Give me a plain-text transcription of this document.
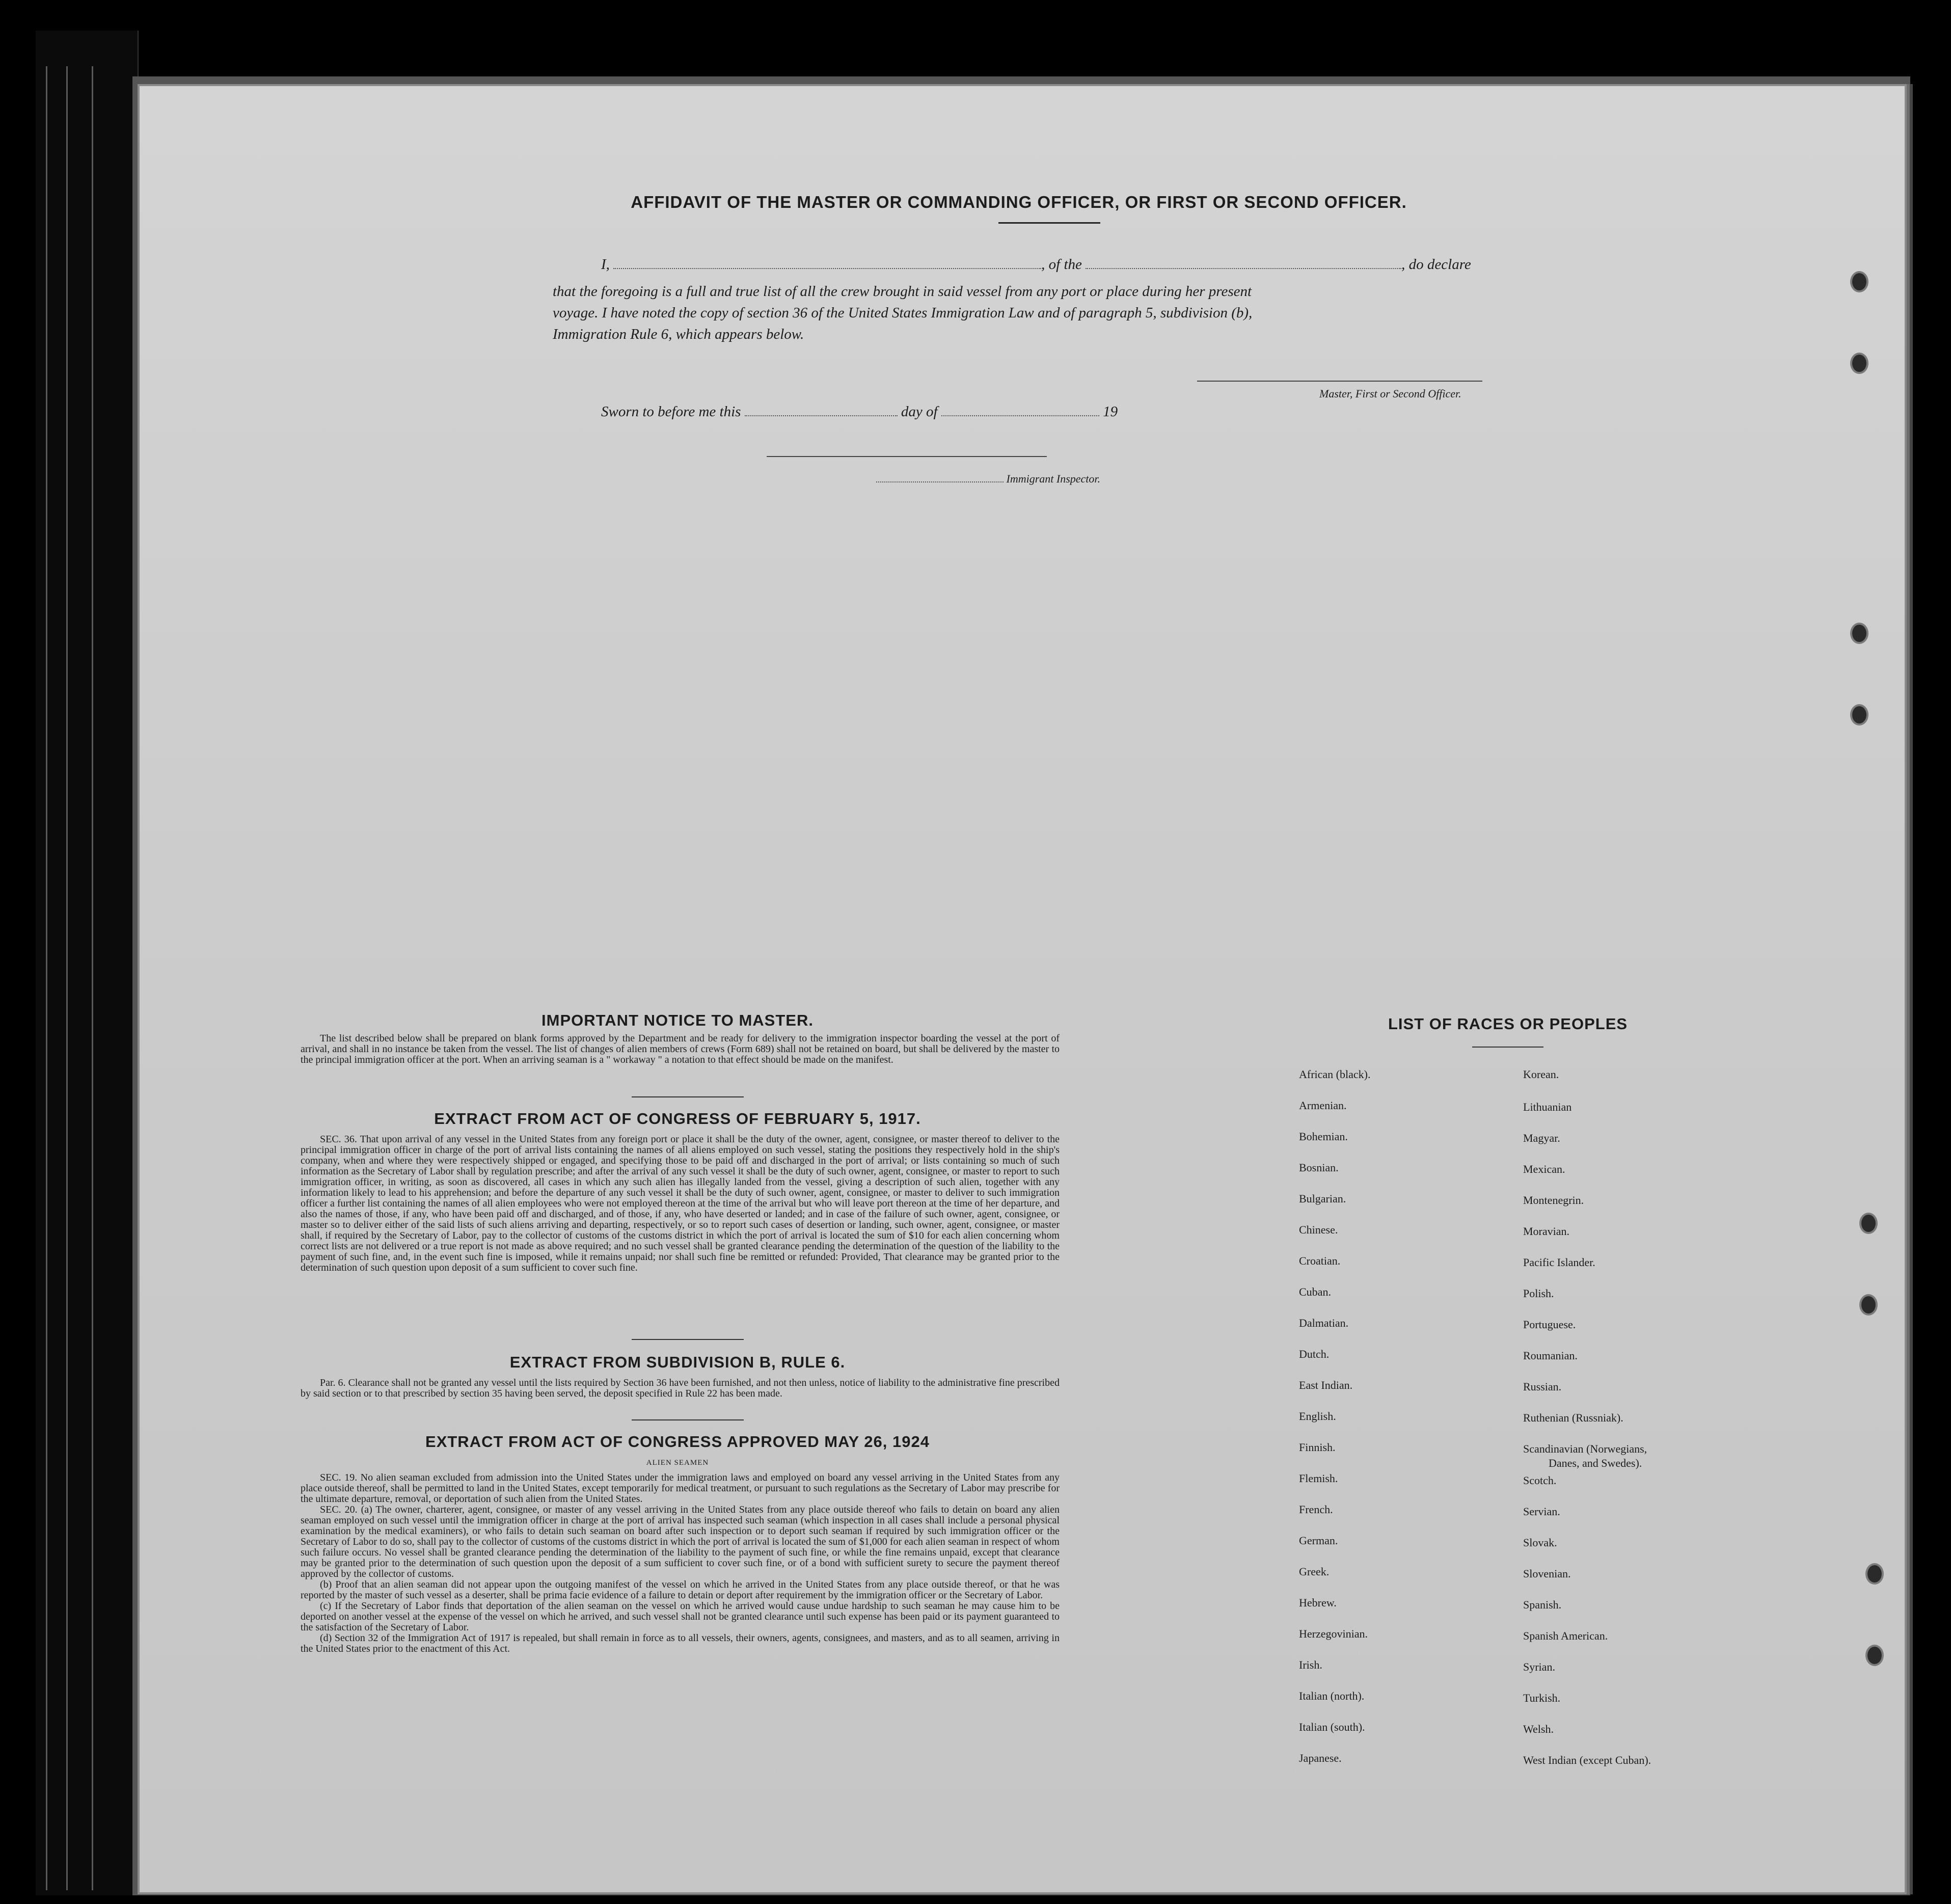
AFFIDAVIT OF THE MASTER OR COMMANDING OFFICER, OR FIRST OR SECOND OFFICER.
I,	, of the	, do declare
that the foregoing is a full and true list of all the crew brought in said vessel from any port or place during her present
voyage. I have noted the copy of section 36 of the United States Immigration Law and of paragraph 5, subdivision (b),
Immigration Rule 6, which appears below.
Master, First or Second Officer.
Sworn to before me this	day of	19
Immigrant Inspector.
IMPORTANT NOTICE TO MASTER.

The list described below shall be prepared on blank forms approved by the Department and be ready for delivery to the immigration inspector boarding the vessel at the port of arrival, and shall in no instance be taken from the vessel. The list of changes of alien members of crews (Form 689) shall not be retained on board, but shall be delivered by the master to the principal immigration officer at the port. When an arriving seaman is a " workaway " a notation to that effect should be made on the manifest.

EXTRACT FROM ACT OF CONGRESS OF FEBRUARY 5, 1917.

SEC. 36. That upon arrival of any vessel in the United States from any foreign port or place it shall be the duty of the owner, agent, consignee, or master thereof to deliver to the principal immigration officer in charge of the port of arrival lists containing the names of all aliens employed on such vessel, stating the positions they respectively hold in the ship's company, when and where they were respectively shipped or engaged, and specifying those to be paid off and discharged in the port of arrival; or lists containing so much of such information as the Secretary of Labor shall by regulation prescribe; and after the arrival of any such vessel it shall be the duty of such owner, agent, consignee, or master to report to such immigration officer, in writing, as soon as discovered, all cases in which any such alien has illegally landed from the vessel, giving a description of such alien, together with any information likely to lead to his apprehension; and before the departure of any such vessel it shall be the duty of such owner, agent, consignee, or master to deliver to such immigration officer a further list containing the names of all alien employees who were not employed thereon at the time of the arrival but who will leave port thereon at the time of her departure, and also the names of those, if any, who have been paid off and discharged, and of those, if any, who have deserted or landed; and in case of the failure of such owner, agent, consignee, or master so to deliver either of the said lists of such aliens arriving and departing, respectively, or so to report such cases of desertion or landing, such owner, agent, consignee, or master shall, if required by the Secretary of Labor, pay to the collector of customs of the customs district in which the port of arrival is located the sum of $10 for each alien concerning whom correct lists are not delivered or a true report is not made as above required; and no such vessel shall be granted clearance pending the determination of the question of the liability to the payment of such fine, and, in the event such fine is imposed, while it remains unpaid; nor shall such fine be remitted or refunded: Provided, That clearance may be granted prior to the determination of such question upon deposit of a sum sufficient to cover such fine.

EXTRACT FROM SUBDIVISION B, RULE 6.

Par. 6. Clearance shall not be granted any vessel until the lists required by Section 36 have been furnished, and not then unless, notice of liability to the administrative fine prescribed by said section or to that prescribed by section 35 having been served, the deposit specified in Rule 22 has been made.

EXTRACT FROM ACT OF CONGRESS APPROVED MAY 26, 1924
ALIEN SEAMEN

SEC. 19. No alien seaman excluded from admission into the United States under the immigration laws and employed on board any vessel arriving in the United States from any place outside thereof, shall be permitted to land in the United States, except temporarily for medical treatment, or pursuant to such regulations as the Secretary of Labor may prescribe for the ultimate departure, removal, or deportation of such alien from the United States.

SEC. 20. (a) The owner, charterer, agent, consignee, or master of any vessel arriving in the United States from any place outside thereof who fails to detain on board any alien seaman employed on such vessel until the immigration officer in charge at the port of arrival has inspected such seaman (which inspection in all cases shall include a personal physical examination by the medical examiners), or who fails to detain such seaman on board after such inspection or to deport such seaman if required by such immigration officer or the Secretary of Labor to do so, shall pay to the collector of customs of the customs district in which the port of arrival is located the sum of $1,000 for each alien seaman in respect of whom such failure occurs. No vessel shall be granted clearance pending the determination of the liability to the payment of such fine, or while the fine remains unpaid, except that clearance may be granted prior to the determination of such question upon the deposit of a sum sufficient to cover such fine, or of a bond with sufficient surety to secure the payment thereof approved by the collector of customs.

(b) Proof that an alien seaman did not appear upon the outgoing manifest of the vessel on which he arrived in the United States from any place outside thereof, or that he was reported by the master of such vessel as a deserter, shall be prima facie evidence of a failure to detain or deport after requirement by the immigration officer or the Secretary of Labor.

(c) If the Secretary of Labor finds that deportation of the alien seaman on the vessel on which he arrived would cause undue hardship to such seaman he may cause him to be deported on another vessel at the expense of the vessel on which he arrived, and such vessel shall not be granted clearance until such expense has been paid or its payment guaranteed to the satisfaction of the Secretary of Labor.

(d) Section 32 of the Immigration Act of 1917 is repealed, but shall remain in force as to all vessels, their owners, agents, consignees, and masters, and as to all seamen, arriving in the United States prior to the enactment of this Act.

LIST OF RACES OR PEOPLES
African (black).
Armenian.
Bohemian.
Bosnian.
Bulgarian.
Chinese.
Croatian.
Cuban.
Dalmatian.
Dutch.
East Indian.
English.
Finnish.
Flemish.
French.
German.
Greek.
Hebrew.
Herzegovinian.
Irish.
Italian (north).
Italian (south).
Japanese.
Korean.
Lithuanian
Magyar.
Mexican.
Montenegrin.
Moravian.
Pacific Islander.
Polish.
Portuguese.
Roumanian.
Russian.
Ruthenian (Russniak).
Scandinavian (Norwegians,
Danes, and Swedes).
Scotch.
Servian.
Slovak.
Slovenian.
Spanish.
Spanish American.
Syrian.
Turkish.
Welsh.
West Indian (except Cuban).
